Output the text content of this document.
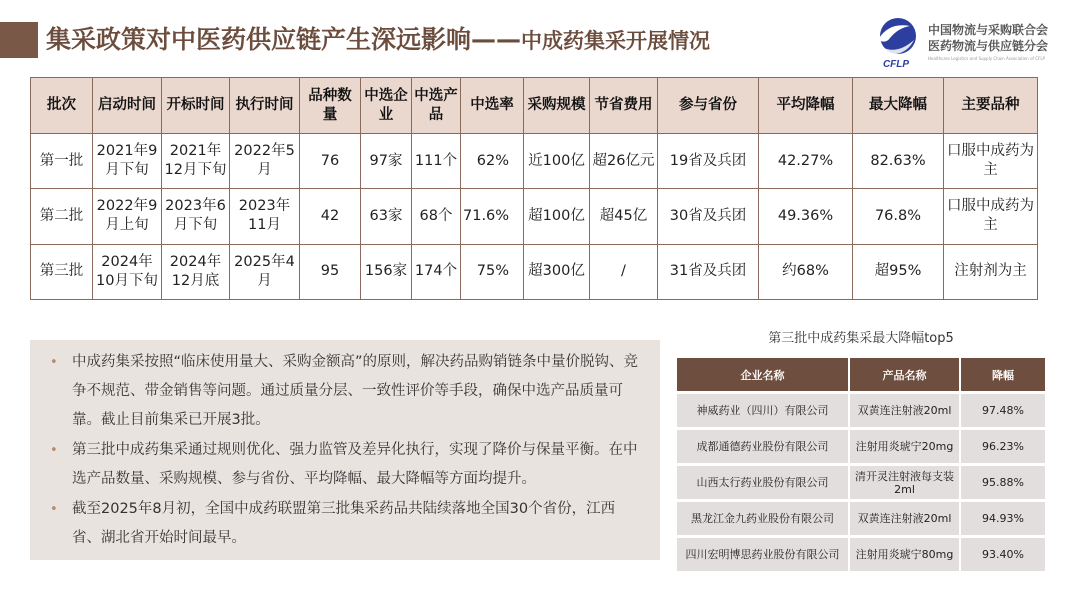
集采政策对中医药供应链产生深远影响——中成药集采开展情况
CFLP
中国物流与采购联合会
医药物流与供应链分会
Healthcare Logistics and Supply Chain Association of CFLP
批次	启动时间	开标时间	执行时间	品种数量	中选企业	中选产品	中选率	采购规模	节省费用	参与省份	平均降幅	最大降幅	主要品种
第一批	2021年9月下旬	2021年12月下旬	2022年5月	76	97家	111个	62%	近100亿	超26亿元	19省及兵团	42.27%	82.63%	口服中成药为主
第二批	2022年9月上旬	2023年6月下旬	2023年11月	42	63家	68个	71.6%	超100亿	超45亿	30省及兵团	49.36%	76.8%	口服中成药为主
第三批	2024年10月下旬	2024年12月底	2025年4月	95	156家	174个	75%	超300亿	/	31省及兵团	约68%	超95%	注射剂为主
• 中成药集采按照“临床使用量大、采购金额高”的原则，解决药品购销链条中量价脱钩、竞争不规范、带金销售等问题。通过质量分层、一致性评价等手段，确保中选产品质量可靠。截止目前集采已开展3批。
• 第三批中成药集采通过规则优化、强力监管及差异化执行，实现了降价与保量平衡。在中选产品数量、采购规模、参与省份、平均降幅、最大降幅等方面均提升。
• 截至2025年8月初，全国中成药联盟第三批集采药品共陆续落地全国30个省份，江西省、湖北省开始时间最早。
第三批中成药集采最大降幅top5
企业名称	产品名称	降幅
神威药业（四川）有限公司	双黄连注射液20ml	97.48%
成都通德药业股份有限公司	注射用炎琥宁20mg	96.23%
山西太行药业股份有限公司	清开灵注射液每支装2ml	95.88%
黑龙江金九药业股份有限公司	双黄连注射液20ml	94.93%
四川宏明博思药业股份有限公司	注射用炎琥宁80mg	93.40%
